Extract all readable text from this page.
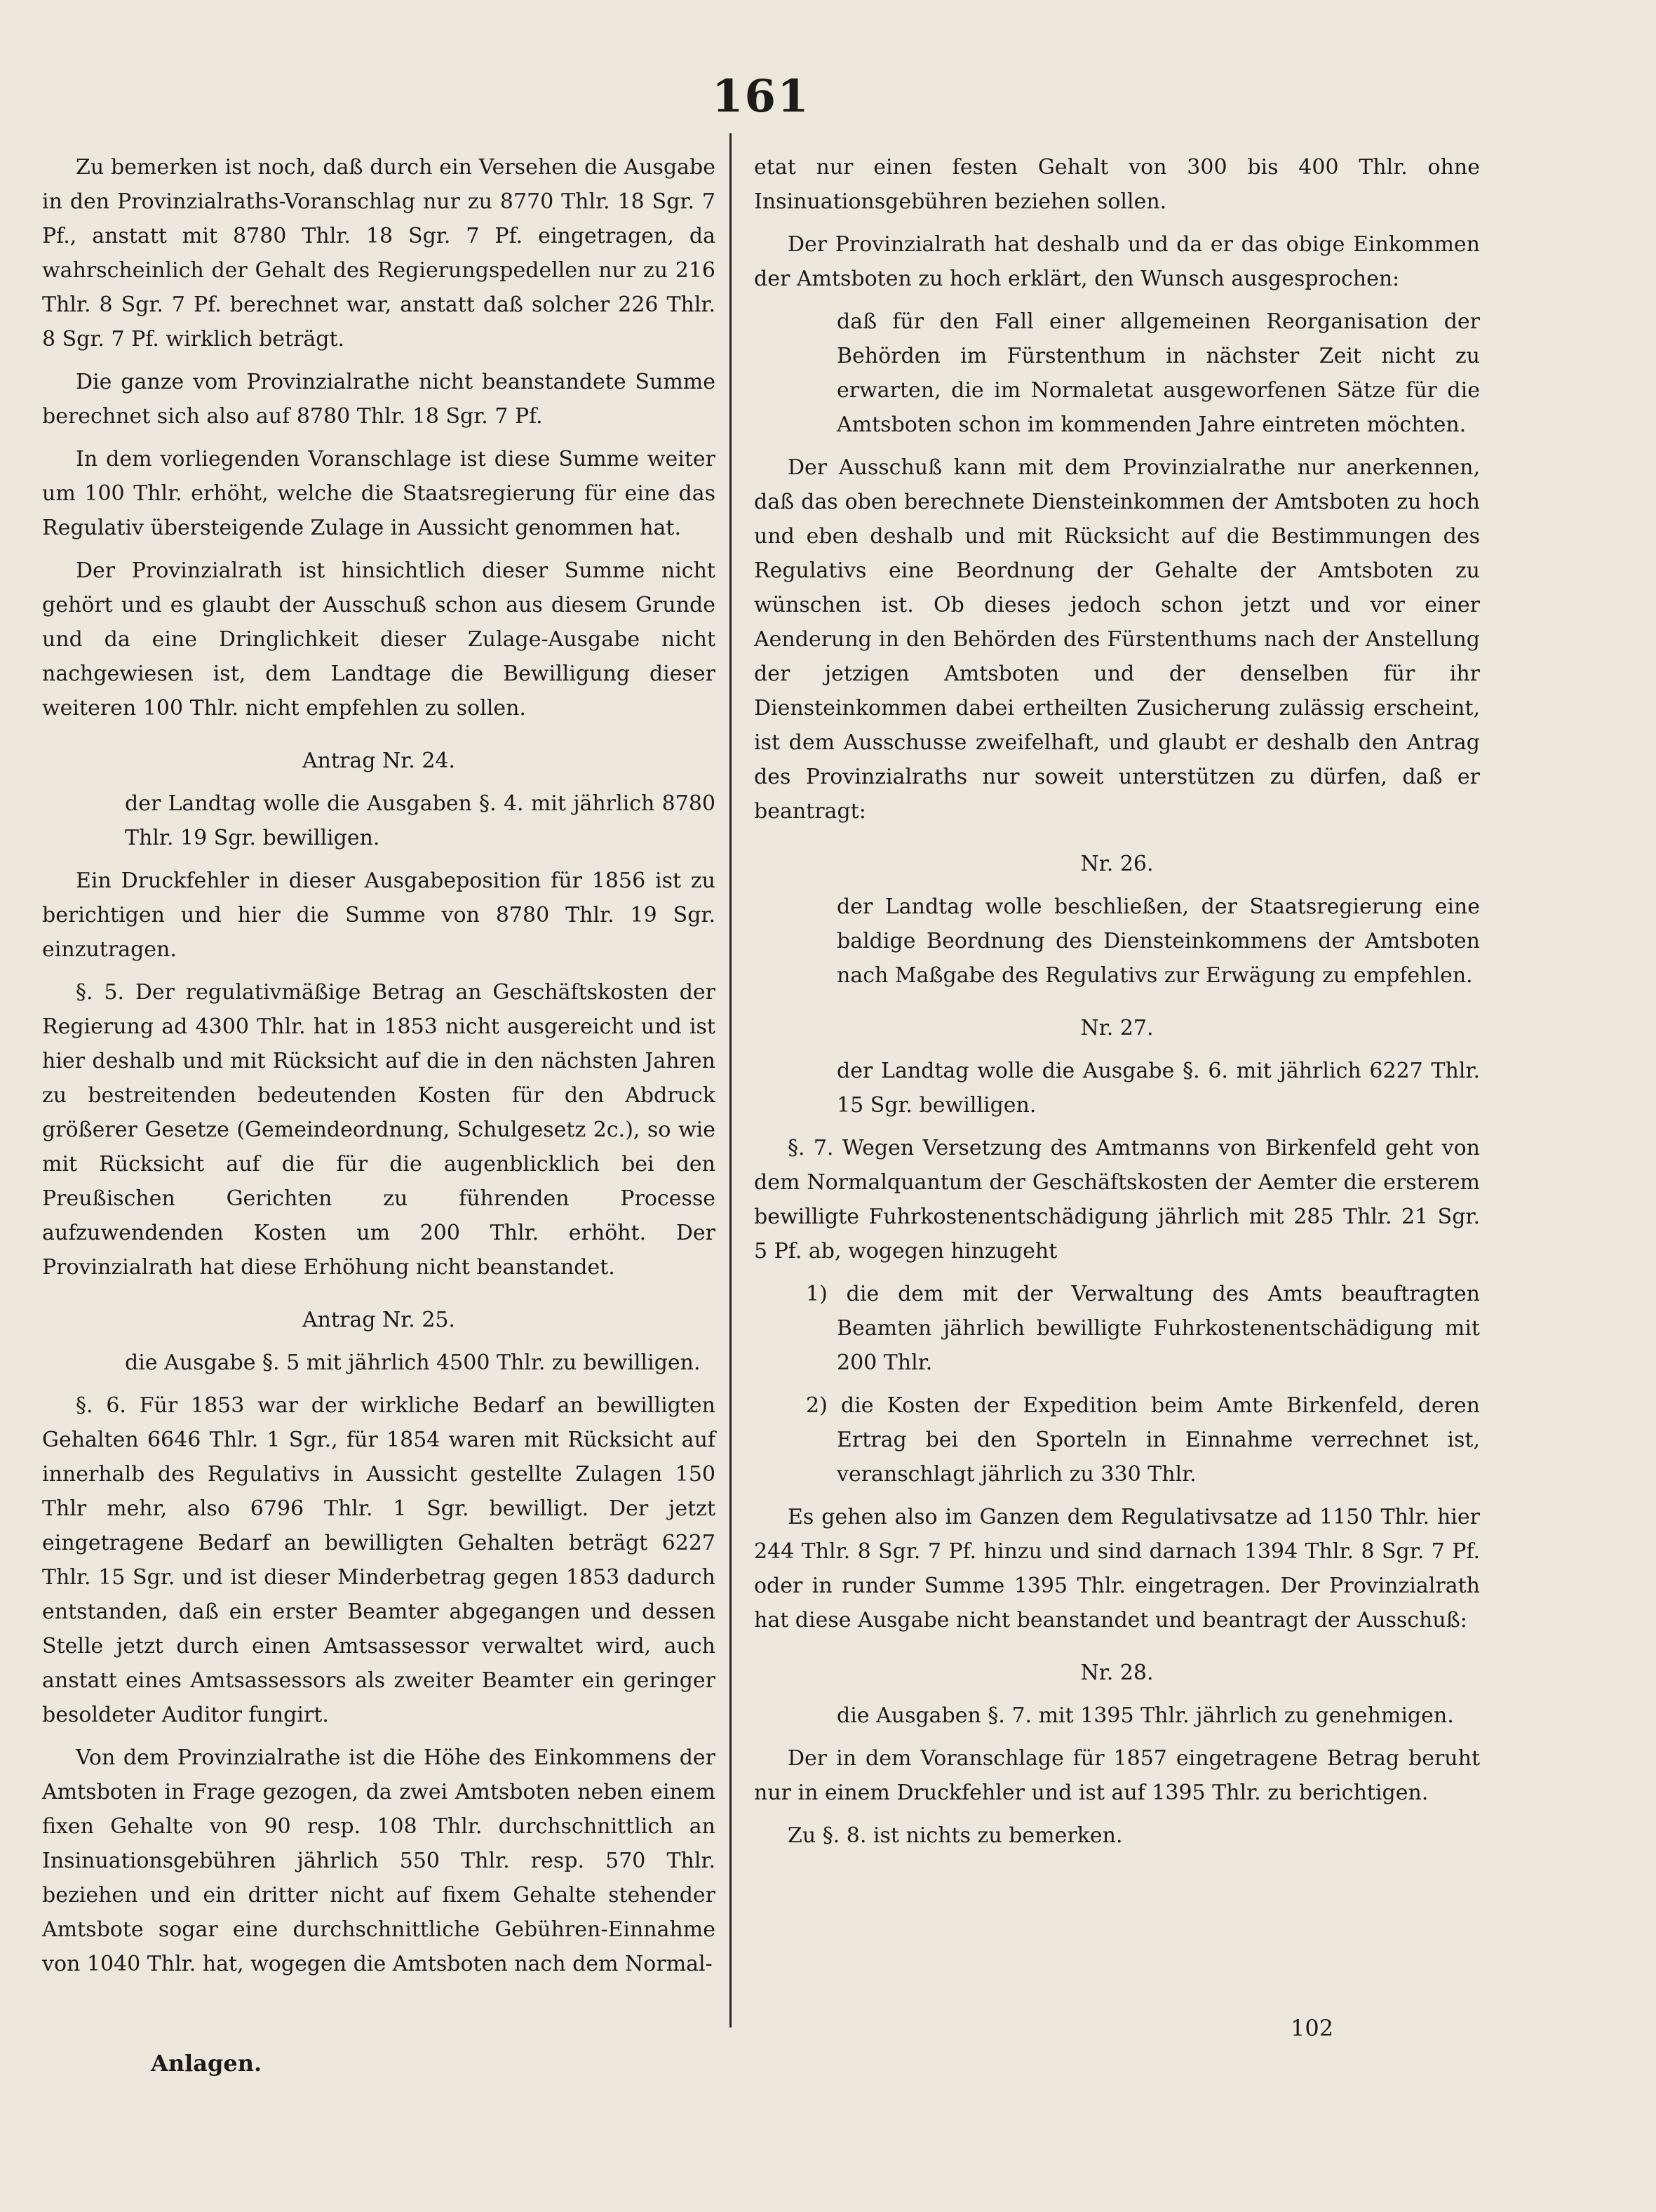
161

Zu bemerken ist noch, daß durch ein Versehen die Ausgabe in den Provinzialraths-Voranschlag nur zu 8770 Thlr. 18 Sgr. 7 Pf., anstatt mit 8780 Thlr. 18 Sgr. 7 Pf. eingetragen, da wahrscheinlich der Gehalt des Regierungspedellen nur zu 216 Thlr. 8 Sgr. 7 Pf. berechnet war, anstatt daß solcher 226 Thlr. 8 Sgr. 7 Pf. wirklich beträgt.

Die ganze vom Provinzialrathe nicht beanstandete Summe berechnet sich also auf 8780 Thlr. 18 Sgr. 7 Pf.

In dem vorliegenden Voranschlage ist diese Summe weiter um 100 Thlr. erhöht, welche die Staatsregierung für eine das Regulativ übersteigende Zulage in Aussicht genommen hat.

Der Provinzialrath ist hinsichtlich dieser Summe nicht gehört und es glaubt der Ausschuß schon aus diesem Grunde und da eine Dringlichkeit dieser Zulage-Ausgabe nicht nachgewiesen ist, dem Landtage die Bewilligung dieser weiteren 100 Thlr. nicht empfehlen zu sollen.

Antrag Nr. 24.

der Landtag wolle die Ausgaben §. 4. mit jährlich 8780 Thlr. 19 Sgr. bewilligen.

Ein Druckfehler in dieser Ausgabeposition für 1856 ist zu berichtigen und hier die Summe von 8780 Thlr. 19 Sgr. einzutragen.

§. 5. Der regulativmäßige Betrag an Geschäftskosten der Regierung ad 4300 Thlr. hat in 1853 nicht ausgereicht und ist hier deshalb und mit Rücksicht auf die in den nächsten Jahren zu bestreitenden bedeutenden Kosten für den Abdruck größerer Gesetze (Gemeindeordnung, Schulgesetz 2c.), so wie mit Rücksicht auf die für die augenblicklich bei den Preußischen Gerichten zu führenden Processe aufzuwendenden Kosten um 200 Thlr. erhöht. Der Provinzialrath hat diese Erhöhung nicht beanstandet.

Antrag Nr. 25.

die Ausgabe §. 5 mit jährlich 4500 Thlr. zu bewilligen.

§. 6. Für 1853 war der wirkliche Bedarf an bewilligten Gehalten 6646 Thlr. 1 Sgr., für 1854 waren mit Rücksicht auf innerhalb des Regulativs in Aussicht gestellte Zulagen 150 Thlr mehr, also 6796 Thlr. 1 Sgr. bewilligt. Der jetzt eingetragene Bedarf an bewilligten Gehalten beträgt 6227 Thlr. 15 Sgr. und ist dieser Minderbetrag gegen 1853 dadurch entstanden, daß ein erster Beamter abgegangen und dessen Stelle jetzt durch einen Amtsassessor verwaltet wird, auch anstatt eines Amtsassessors als zweiter Beamter ein geringer besoldeter Auditor fungirt.

Von dem Provinzialrathe ist die Höhe des Einkommens der Amtsboten in Frage gezogen, da zwei Amtsboten neben einem fixen Gehalte von 90 resp. 108 Thlr. durchschnittlich an Insinuationsgebühren jährlich 550 Thlr. resp. 570 Thlr. beziehen und ein dritter nicht auf fixem Gehalte stehender Amtsbote sogar eine durchschnittliche Gebühren-Einnahme von 1040 Thlr. hat, wogegen die Amtsboten nach dem Normal-

etat nur einen festen Gehalt von 300 bis 400 Thlr. ohne Insinuationsgebühren beziehen sollen.

Der Provinzialrath hat deshalb und da er das obige Einkommen der Amtsboten zu hoch erklärt, den Wunsch ausgesprochen:

daß für den Fall einer allgemeinen Reorganisation der Behörden im Fürstenthum in nächster Zeit nicht zu erwarten, die im Normaletat ausgeworfenen Sätze für die Amtsboten schon im kommenden Jahre eintreten möchten.

Der Ausschuß kann mit dem Provinzialrathe nur anerkennen, daß das oben berechnete Diensteinkommen der Amtsboten zu hoch und eben deshalb und mit Rücksicht auf die Bestimmungen des Regulativs eine Beordnung der Gehalte der Amtsboten zu wünschen ist. Ob dieses jedoch schon jetzt und vor einer Aenderung in den Behörden des Fürstenthums nach der Anstellung der jetzigen Amtsboten und der denselben für ihr Diensteinkommen dabei ertheilten Zusicherung zulässig erscheint, ist dem Ausschusse zweifelhaft, und glaubt er deshalb den Antrag des Provinzialraths nur soweit unterstützen zu dürfen, daß er beantragt:

Nr. 26.

der Landtag wolle beschließen, der Staatsregierung eine baldige Beordnung des Diensteinkommens der Amtsboten nach Maßgabe des Regulativs zur Erwägung zu empfehlen.

Nr. 27.

der Landtag wolle die Ausgabe §. 6. mit jährlich 6227 Thlr. 15 Sgr. bewilligen.

§. 7. Wegen Versetzung des Amtmanns von Birkenfeld geht von dem Normalquantum der Geschäftskosten der Aemter die ersterem bewilligte Fuhrkostenentschädigung jährlich mit 285 Thlr. 21 Sgr. 5 Pf. ab, wogegen hinzugeht

1) die dem mit der Verwaltung des Amts beauftragten Beamten jährlich bewilligte Fuhrkostenentschädigung mit 200 Thlr.

2) die Kosten der Expedition beim Amte Birkenfeld, deren Ertrag bei den Sporteln in Einnahme verrechnet ist, veranschlagt jährlich zu 330 Thlr.

Es gehen also im Ganzen dem Regulativsatze ad 1150 Thlr. hier 244 Thlr. 8 Sgr. 7 Pf. hinzu und sind darnach 1394 Thlr. 8 Sgr. 7 Pf. oder in runder Summe 1395 Thlr. eingetragen. Der Provinzialrath hat diese Ausgabe nicht beanstandet und beantragt der Ausschuß:

Nr. 28.

die Ausgaben §. 7. mit 1395 Thlr. jährlich zu genehmigen.

Der in dem Voranschlage für 1857 eingetragene Betrag beruht nur in einem Druckfehler und ist auf 1395 Thlr. zu berichtigen.

Zu §. 8. ist nichts zu bemerken.

Anlagen.
102
